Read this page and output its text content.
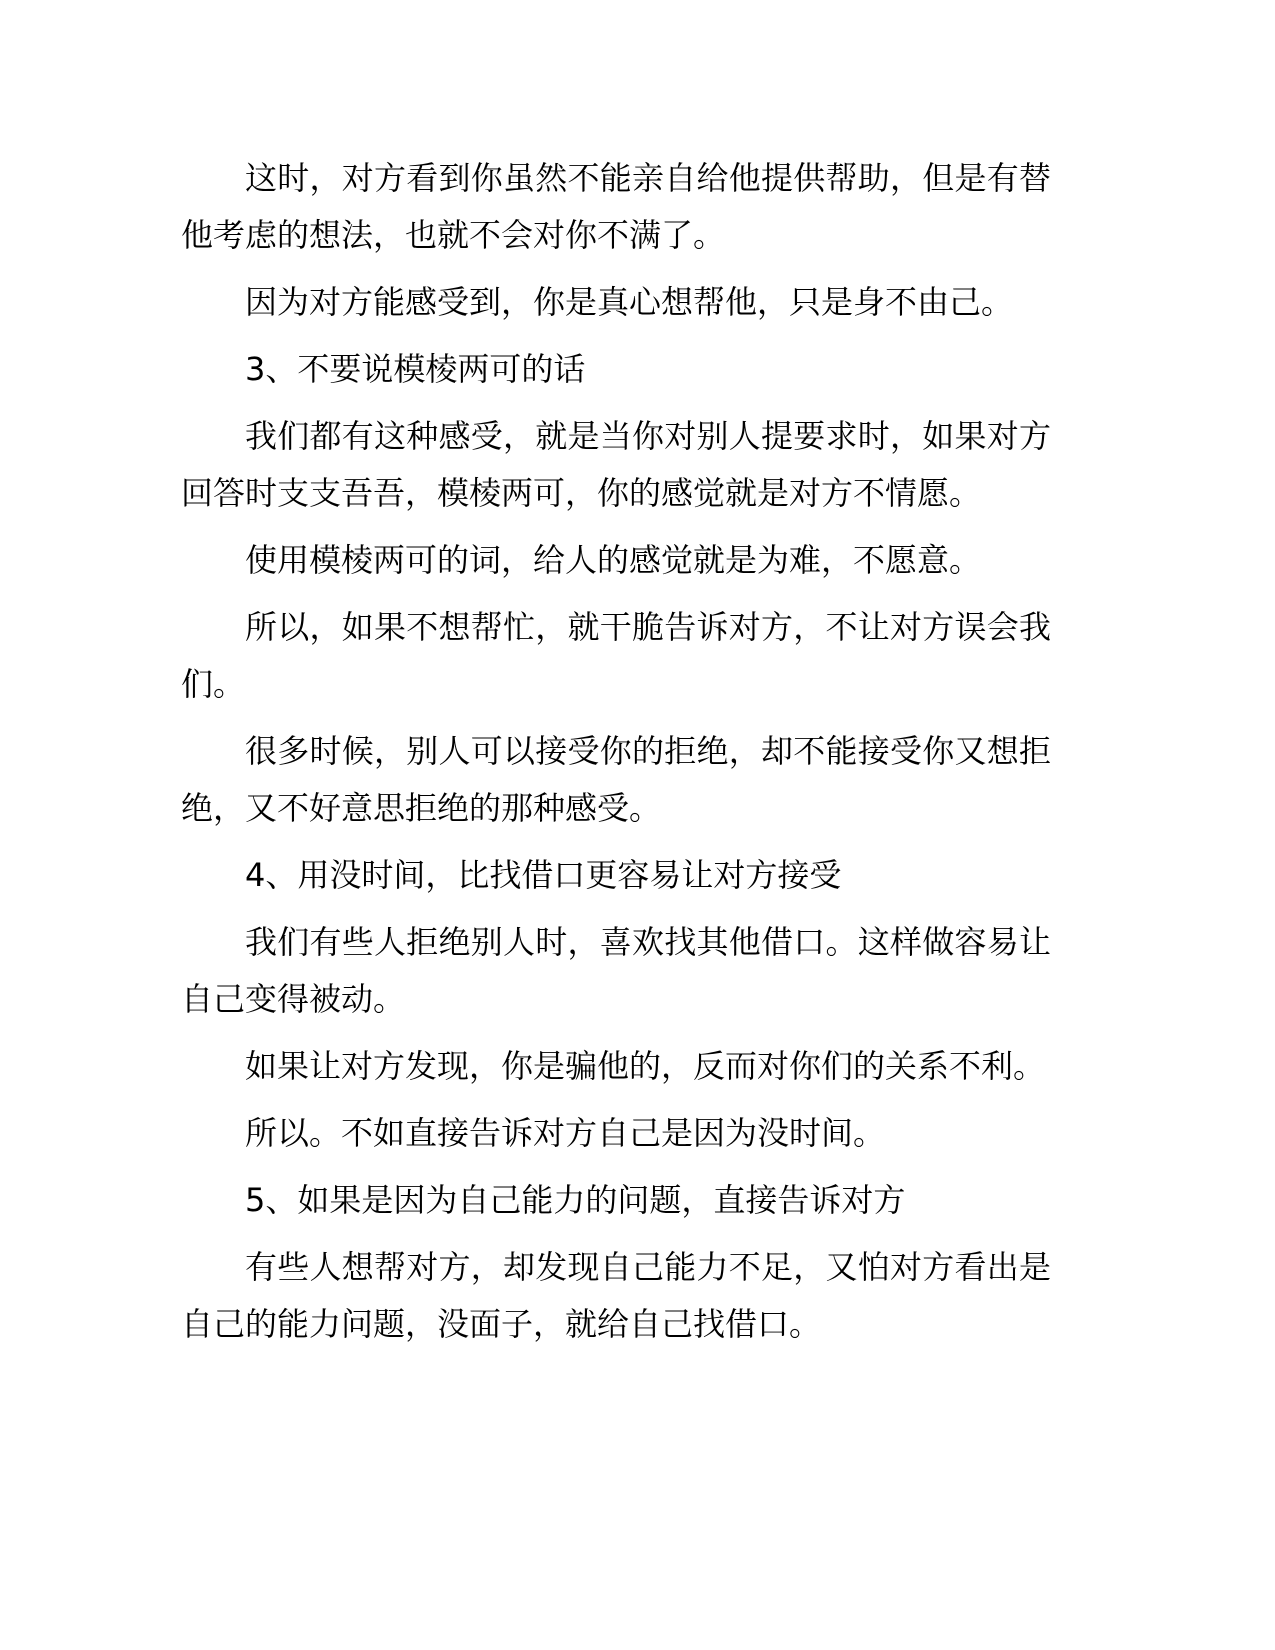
这时，对方看到你虽然不能亲自给他提供帮助，但是有替他考虑的想法，也就不会对你不满了。

因为对方能感受到，你是真心想帮他，只是身不由己。

3、不要说模棱两可的话

我们都有这种感受，就是当你对别人提要求时，如果对方回答时支支吾吾，模棱两可，你的感觉就是对方不情愿。

使用模棱两可的词，给人的感觉就是为难，不愿意。

所以，如果不想帮忙，就干脆告诉对方，不让对方误会我们。

很多时候，别人可以接受你的拒绝，却不能接受你又想拒绝，又不好意思拒绝的那种感受。

4、用没时间，比找借口更容易让对方接受

我们有些人拒绝别人时，喜欢找其他借口。这样做容易让自己变得被动。

如果让对方发现，你是骗他的，反而对你们的关系不利。

所以。不如直接告诉对方自己是因为没时间。

5、如果是因为自己能力的问题，直接告诉对方

有些人想帮对方，却发现自己能力不足，又怕对方看出是自己的能力问题，没面子，就给自己找借口。
